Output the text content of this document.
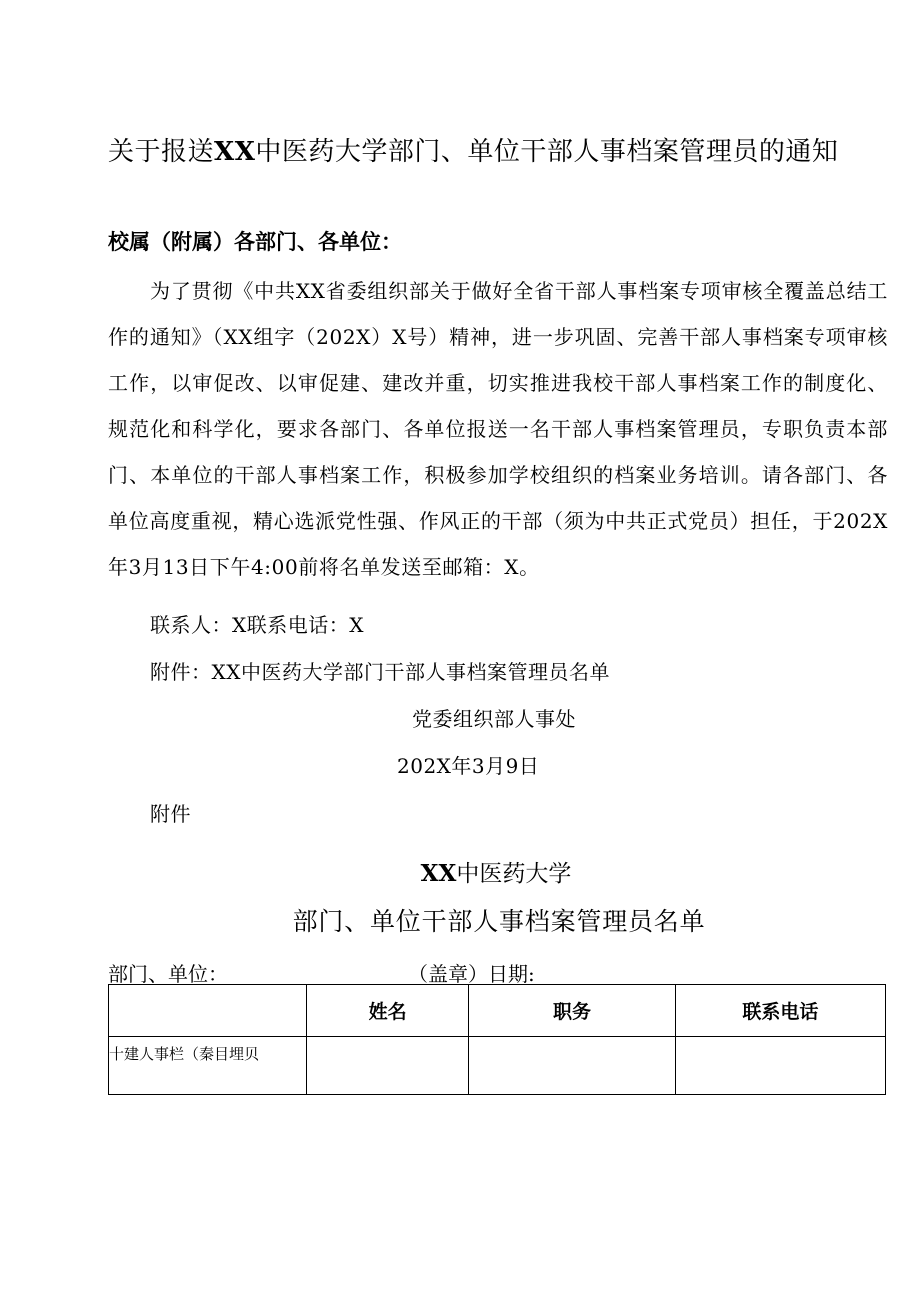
关于报送XX中医药大学部门、单位干部人事档案管理员的通知
校属（附属）各部门、各单位：
为了贯彻《中共XX省委组织部关于做好全省干部人事档案专项审核全覆盖总结工作的通知》（XX组字（202X）X号）精神，进一步巩固、完善干部人事档案专项审核工作，以审促改、以审促建、建改并重，切实推进我校干部人事档案工作的制度化、规范化和科学化，要求各部门、各单位报送一名干部人事档案管理员，专职负责本部门、本单位的干部人事档案工作，积极参加学校组织的档案业务培训。请各部门、各单位高度重视，精心选派党性强、作风正的干部（须为中共正式党员）担任，于202X年3月13日下午4:00前将名单发送至邮箱：X。
联系人：X联系电话：X
附件：XX中医药大学部门干部人事档案管理员名单
党委组织部人事处
202X年3月9日
附件
XX中医药大学
部门、单位干部人事档案管理员名单
部门、单位：	（盖章）日期:
	姓名	职务	联系电话
十建人事栏（秦目埋贝			
